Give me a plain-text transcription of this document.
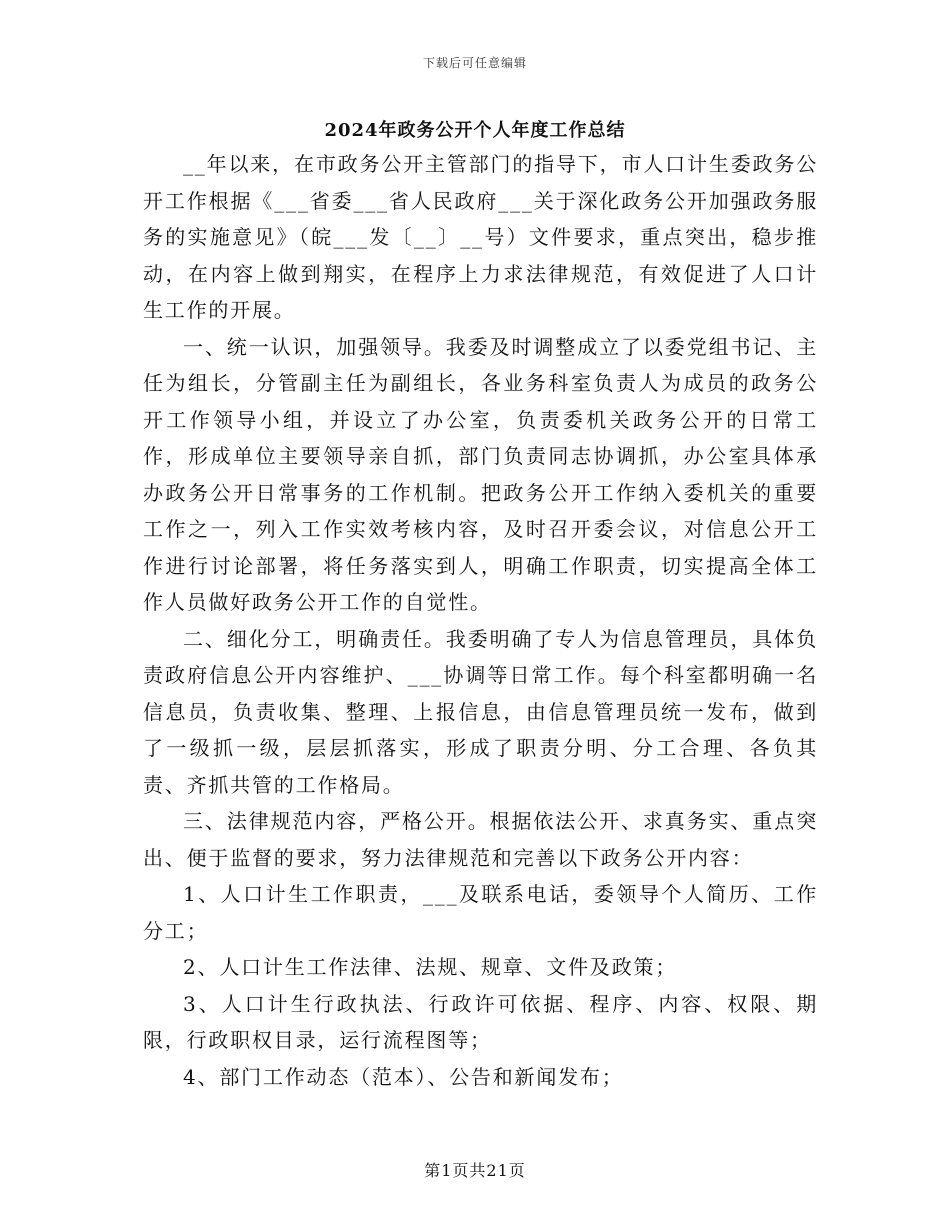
下载后可任意编辑
2024年政务公开个人年度工作总结

__年以来，在市政务公开主管部门的指导下，市人口计生委政务公开工作根据《___省委___省人民政府___关于深化政务公开加强政务服务的实施意见》（皖___发〔__〕__号）文件要求，重点突出，稳步推动，在内容上做到翔实，在程序上力求法律规范，有效促进了人口计生工作的开展。

一、统一认识，加强领导。我委及时调整成立了以委党组书记、主任为组长，分管副主任为副组长，各业务科室负责人为成员的政务公开工作领导小组，并设立了办公室，负责委机关政务公开的日常工作，形成单位主要领导亲自抓，部门负责同志协调抓，办公室具体承办政务公开日常事务的工作机制。把政务公开工作纳入委机关的重要工作之一，列入工作实效考核内容，及时召开委会议，对信息公开工作进行讨论部署，将任务落实到人，明确工作职责，切实提高全体工作人员做好政务公开工作的自觉性。

二、细化分工，明确责任。我委明确了专人为信息管理员，具体负责政府信息公开内容维护、___协调等日常工作。每个科室都明确一名信息员，负责收集、整理、上报信息，由信息管理员统一发布，做到了一级抓一级，层层抓落实，形成了职责分明、分工合理、各负其责、齐抓共管的工作格局。

三、法律规范内容，严格公开。根据依法公开、求真务实、重点突出、便于监督的要求，努力法律规范和完善以下政务公开内容：

1、人口计生工作职责，___及联系电话，委领导个人简历、工作分工；

2、人口计生工作法律、法规、规章、文件及政策；

3、人口计生行政执法、行政许可依据、程序、内容、权限、期限，行政职权目录，运行流程图等；

4、部门工作动态（范本）、公告和新闻发布；

第1页共21页
